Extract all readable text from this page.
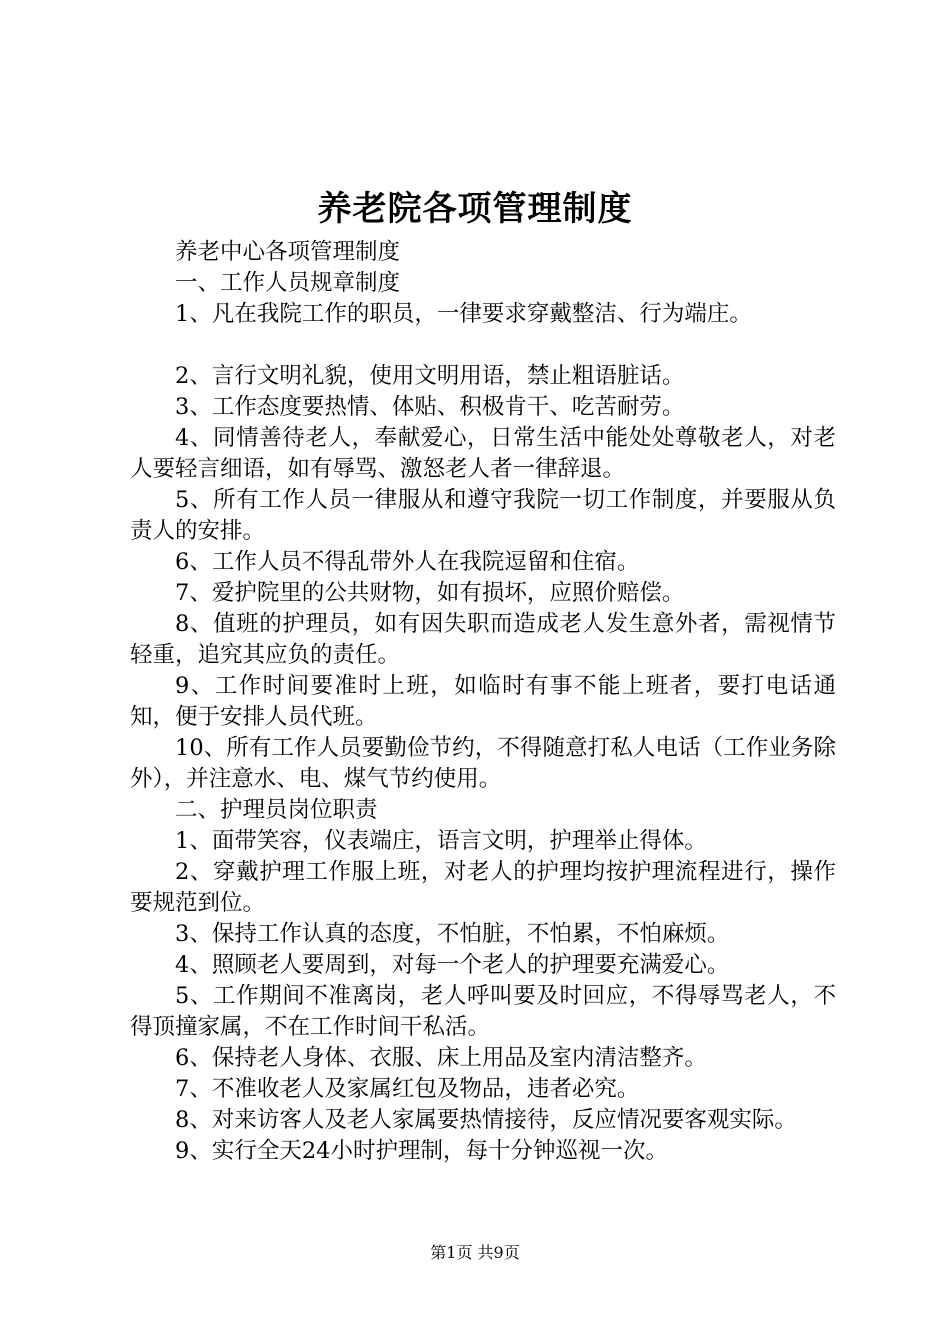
养老院各项管理制度

养老中心各项管理制度

一、工作人员规章制度

1、凡在我院工作的职员，一律要求穿戴整洁、行为端庄。

2、言行文明礼貌，使用文明用语，禁止粗语脏话。

3、工作态度要热情、体贴、积极肯干、吃苦耐劳。

4、同情善待老人，奉献爱心，日常生活中能处处尊敬老人，对老人要轻言细语，如有辱骂、激怒老人者一律辞退。

5、所有工作人员一律服从和遵守我院一切工作制度，并要服从负责人的安排。

6、工作人员不得乱带外人在我院逗留和住宿。

7、爱护院里的公共财物，如有损坏，应照价赔偿。

8、值班的护理员，如有因失职而造成老人发生意外者，需视情节轻重，追究其应负的责任。

9、工作时间要准时上班，如临时有事不能上班者，要打电话通知，便于安排人员代班。

10、所有工作人员要勤俭节约，不得随意打私人电话（工作业务除外），并注意水、电、煤气节约使用。

二、护理员岗位职责

1、面带笑容，仪表端庄，语言文明，护理举止得体。

2、穿戴护理工作服上班，对老人的护理均按护理流程进行，操作要规范到位。

3、保持工作认真的态度，不怕脏，不怕累，不怕麻烦。

4、照顾老人要周到，对每一个老人的护理要充满爱心。

5、工作期间不准离岗，老人呼叫要及时回应，不得辱骂老人，不得顶撞家属，不在工作时间干私活。

6、保持老人身体、衣服、床上用品及室内清洁整齐。

7、不准收老人及家属红包及物品，违者必究。

8、对来访客人及老人家属要热情接待，反应情况要客观实际。

9、实行全天24小时护理制，每十分钟巡视一次。

第1页 共9页
